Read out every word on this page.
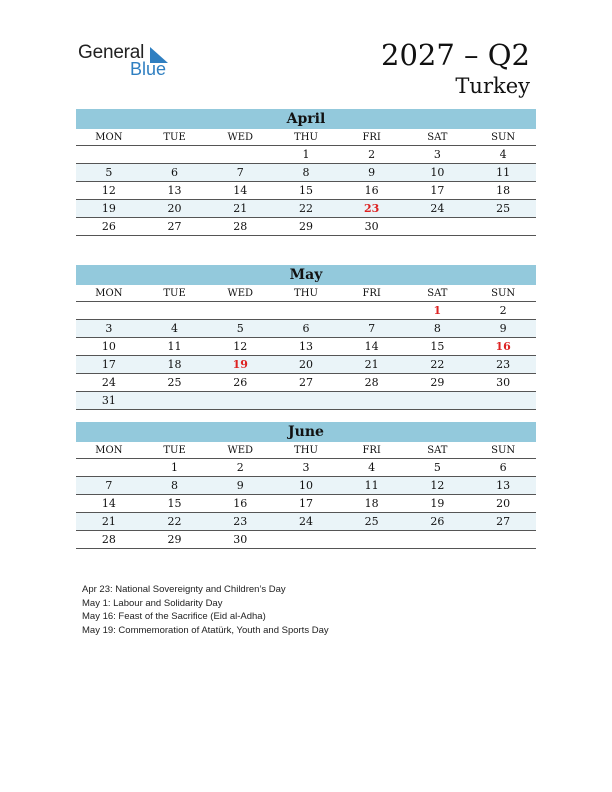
General
Blue	2027 – Q2
Turkey
April
MON	TUE	WED	THU	FRI	SAT	SUN
			1	2	3	4
5	6	7	8	9	10	11
12	13	14	15	16	17	18
19	20	21	22	23	24	25
26	27	28	29	30		
May
MON	TUE	WED	THU	FRI	SAT	SUN
					1	2
3	4	5	6	7	8	9
10	11	12	13	14	15	16
17	18	19	20	21	22	23
24	25	26	27	28	29	30
31						
June
MON	TUE	WED	THU	FRI	SAT	SUN
	1	2	3	4	5	6
7	8	9	10	11	12	13
14	15	16	17	18	19	20
21	22	23	24	25	26	27
28	29	30				
Apr 23: National Sovereignty and Children’s Day
May 1: Labour and Solidarity Day
May 16: Feast of the Sacrifice (Eid al-Adha)
May 19: Commemoration of Atatürk, Youth and Sports Day
